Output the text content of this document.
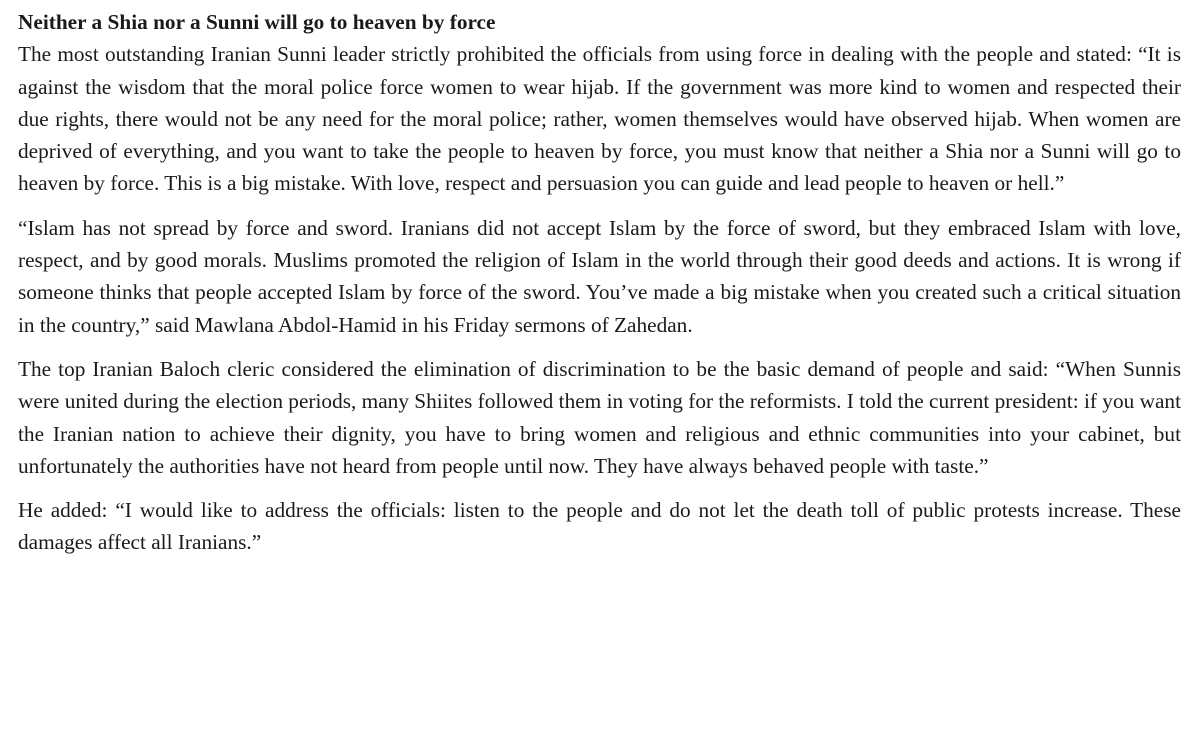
Neither a Shia nor a Sunni will go to heaven by force

The most outstanding Iranian Sunni leader strictly prohibited the officials from using force in dealing with the people and stated: “It is against the wisdom that the moral police force women to wear hijab. If the government was more kind to women and respected their due rights, there would not be any need for the moral police; rather, women themselves would have observed hijab. When women are deprived of everything, and you want to take the people to heaven by force, you must know that neither a Shia nor a Sunni will go to heaven by force. This is a big mistake. With love, respect and persuasion you can guide and lead people to heaven or hell.”

“Islam has not spread by force and sword. Iranians did not accept Islam by the force of sword, but they embraced Islam with love, respect, and by good morals. Muslims promoted the religion of Islam in the world through their good deeds and actions. It is wrong if someone thinks that people accepted Islam by force of the sword. You’ve made a big mistake when you created such a critical situation in the country,” said Mawlana Abdol-Hamid in his Friday sermons of Zahedan.

The top Iranian Baloch cleric considered the elimination of discrimination to be the basic demand of people and said: “When Sunnis were united during the election periods, many Shiites followed them in voting for the reformists. I told the current president: if you want the Iranian nation to achieve their dignity, you have to bring women and religious and ethnic communities into your cabinet, but unfortunately the authorities have not heard from people until now. They have always behaved people with taste.”

He added: “I would like to address the officials: listen to the people and do not let the death toll of public protests increase. These damages affect all Iranians.”
